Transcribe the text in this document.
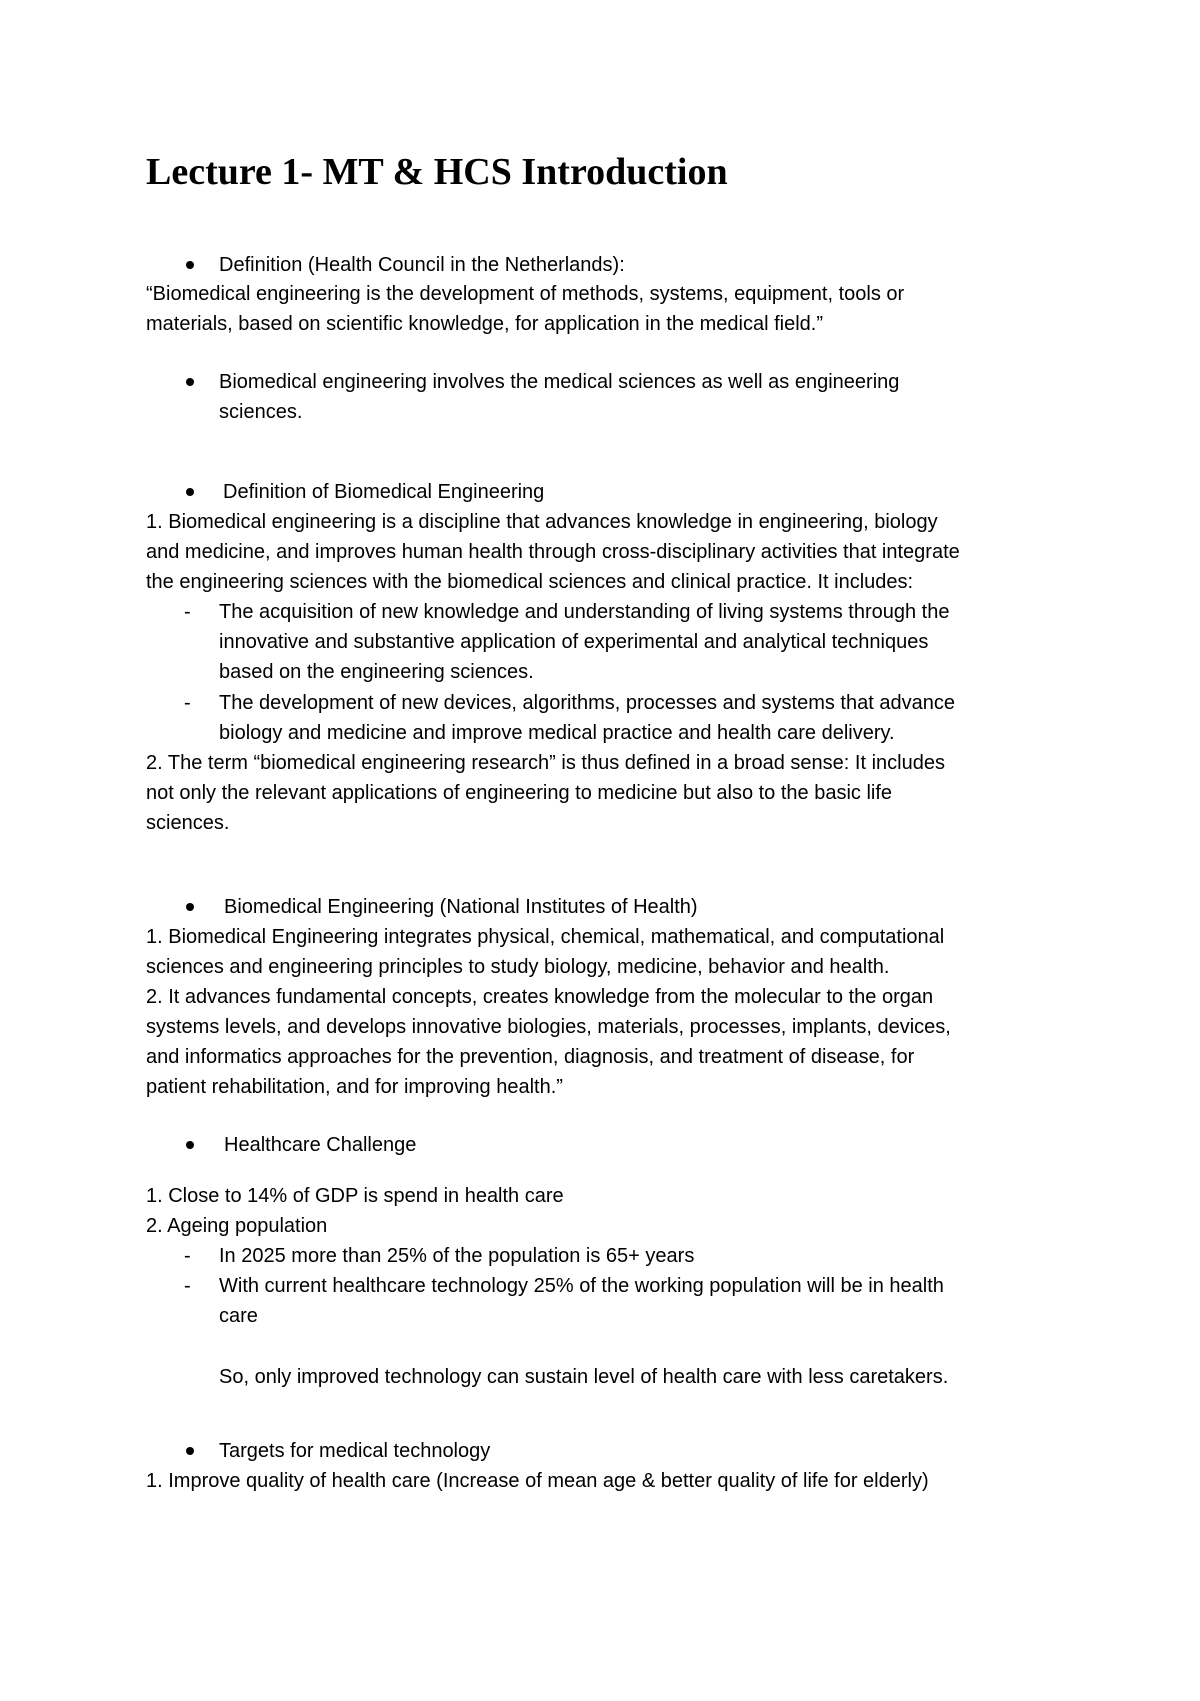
Lecture 1- MT & HCS Introduction
Definition (Health Council in the Netherlands):
“Biomedical engineering is the development of methods, systems, equipment, tools or
materials, based on scientific knowledge, for application in the medical field.”
Biomedical engineering involves the medical sciences as well as engineering
sciences.
Definition of Biomedical Engineering
1. Biomedical engineering is a discipline that advances knowledge in engineering, biology
and medicine, and improves human health through cross-disciplinary activities that integrate
the engineering sciences with the biomedical sciences and clinical practice. It includes:
- The acquisition of new knowledge and understanding of living systems through the
innovative and substantive application of experimental and analytical techniques
based on the engineering sciences.
- The development of new devices, algorithms, processes and systems that advance
biology and medicine and improve medical practice and health care delivery.
2. The term “biomedical engineering research” is thus defined in a broad sense: It includes
not only the relevant applications of engineering to medicine but also to the basic life
sciences.
Biomedical Engineering (National Institutes of Health)
1. Biomedical Engineering integrates physical, chemical, mathematical, and computational
sciences and engineering principles to study biology, medicine, behavior and health.
2. It advances fundamental concepts, creates knowledge from the molecular to the organ
systems levels, and develops innovative biologies, materials, processes, implants, devices,
and informatics approaches for the prevention, diagnosis, and treatment of disease, for
patient rehabilitation, and for improving health.”
Healthcare Challenge
1. Close to 14% of GDP is spend in health care
2. Ageing population
- In 2025 more than 25% of the population is 65+ years
- With current healthcare technology 25% of the working population will be in health
care
So, only improved technology can sustain level of health care with less caretakers.
Targets for medical technology
1. Improve quality of health care (Increase of mean age & better quality of life for elderly)
